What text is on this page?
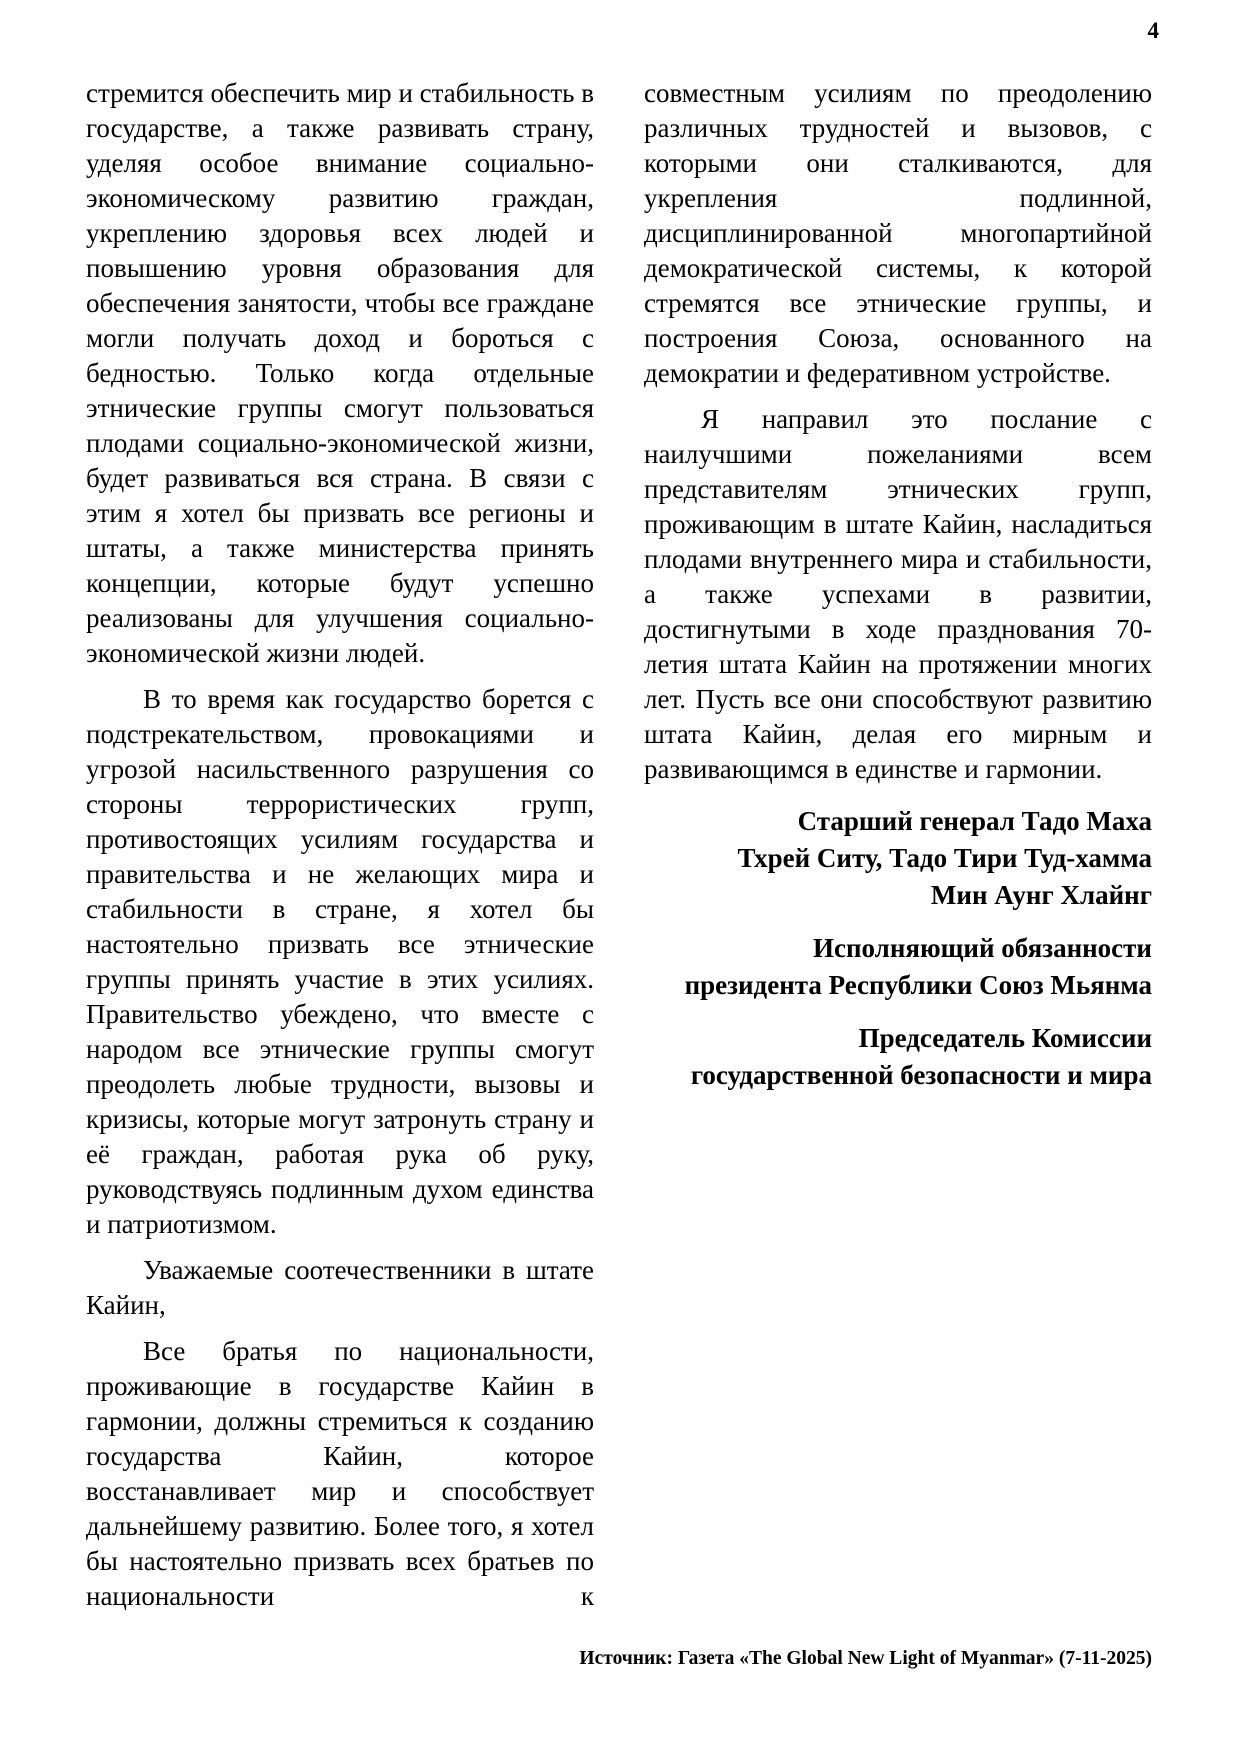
4

стремится обеспечить мир и стабильность в государстве, а также развивать страну, уделяя особое внимание социально-экономическому развитию граждан, укреплению здоровья всех людей и повышению уровня образования для обеспечения занятости, чтобы все граждане могли получать доход и бороться с бедностью. Только когда отдельные этнические группы смогут пользоваться плодами социально-экономической жизни, будет развиваться вся страна. В связи с этим я хотел бы призвать все регионы и штаты, а также министерства принять концепции, которые будут успешно реализованы для улучшения социально-экономической жизни людей.

В то время как государство борется с подстрекательством, провокациями и угрозой насильственного разрушения со стороны террористических групп, противостоящих усилиям государства и правительства и не желающих мира и стабильности в стране, я хотел бы настоятельно призвать все этнические группы принять участие в этих усилиях. Правительство убеждено, что вместе с народом все этнические группы смогут преодолеть любые трудности, вызовы и кризисы, которые могут затронуть страну и её граждан, работая рука об руку, руководствуясь подлинным духом единства и патриотизмом.

Уважаемые соотечественники в штате Кайин,

Все братья по национальности, проживающие в государстве Кайин в гармонии, должны стремиться к созданию государства Кайин, которое восстанавливает мир и способствует дальнейшему развитию. Более того, я хотел бы настоятельно призвать всех братьев по национальности к

совместным усилиям по преодолению различных трудностей и вызовов, с которыми они сталкиваются, для укрепления подлинной, дисциплинированной многопартийной демократической системы, к которой стремятся все этнические группы, и построения Союза, основанного на демократии и федеративном устройстве.

Я направил это послание с наилучшими пожеланиями всем представителям этнических групп, проживающим в штате Кайин, насладиться плодами внутреннего мира и стабильности, а также успехами в развитии, достигнутыми в ходе празднования 70-летия штата Кайин на протяжении многих лет. Пусть все они способствуют развитию штата Кайин, делая его мирным и развивающимся в единстве и гармонии.

Старший генерал Тадо Маха
Тхрей Ситу, Тадо Тири Туд-хамма
Мин Аунг Хлайнг
Исполняющий обязанности
президента Республики Союз Мьянма
Председатель Комиссии
государственной безопасности и мира
Источник: Газета «The Global New Light of Myanmar» (7-11-2025)
